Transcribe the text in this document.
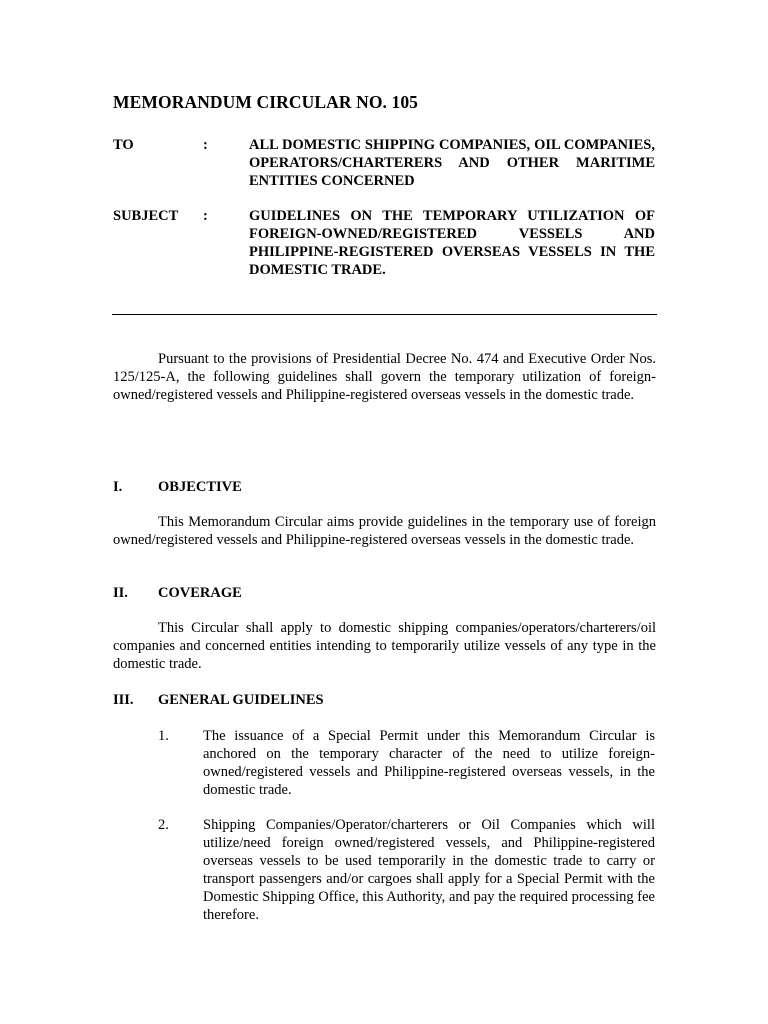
MEMORANDUM CIRCULAR NO. 105
TO	:	ALL DOMESTIC SHIPPING COMPANIES, OIL COMPANIES, OPERATORS/CHARTERERS AND OTHER MARITIME ENTITIES CONCERNED
SUBJECT :	GUIDELINES ON THE TEMPORARY UTILIZATION OF FOREIGN-OWNED/REGISTERED VESSELS AND PHILIPPINE-REGISTERED OVERSEAS VESSELS IN THE DOMESTIC TRADE.
Pursuant to the provisions of Presidential Decree No. 474 and Executive Order Nos. 125/125-A, the following guidelines shall govern the temporary utilization of foreign-owned/registered vessels and Philippine-registered overseas vessels in the domestic trade.
I. OBJECTIVE
This Memorandum Circular aims provide guidelines in the temporary use of foreign owned/registered vessels and Philippine-registered overseas vessels in the domestic trade.
II. COVERAGE
This Circular shall apply to domestic shipping companies/operators/charterers/oil companies and concerned entities intending to temporarily utilize vessels of any type in the domestic trade.
III. GENERAL GUIDELINES
1. The issuance of a Special Permit under this Memorandum Circular is anchored on the temporary character of the need to utilize foreign-owned/registered vessels and Philippine-registered overseas vessels, in the domestic trade.
2. Shipping Companies/Operator/charterers or Oil Companies which will utilize/need foreign owned/registered vessels, and Philippine-registered overseas vessels to be used temporarily in the domestic trade to carry or transport passengers and/or cargoes shall apply for a Special Permit with the Domestic Shipping Office, this Authority, and pay the required processing fee therefore.
